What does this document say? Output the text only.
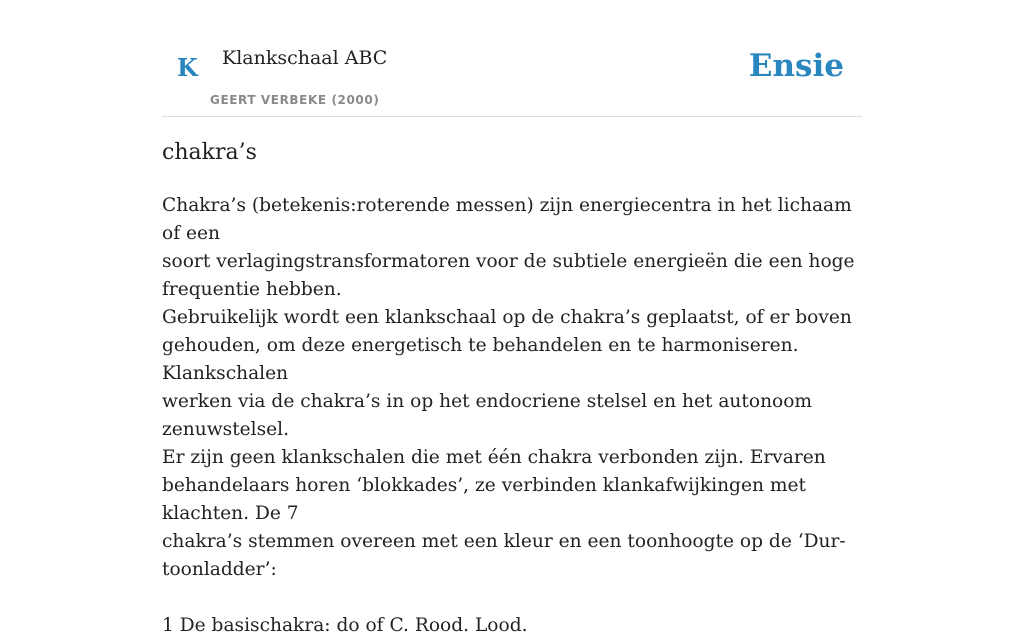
K Klankschaal ABC
GEERT VERBEKE (2000)
Ensie
chakra’s

Chakra’s (betekenis:roterende messen) zijn energiecentra in het lichaam of een

soort verlagingstransformatoren voor de subtiele energieën die een hoge

frequentie hebben.

Gebruikelijk wordt een klankschaal op de chakra’s geplaatst, of er boven

gehouden, om deze energetisch te behandelen en te harmoniseren. Klankschalen

werken via de chakra’s in op het endocriene stelsel en het autonoom zenuwstelsel.

Er zijn geen klankschalen die met één chakra verbonden zijn. Ervaren

behandelaars horen ‘blokkades’, ze verbinden klankafwijkingen met klachten. De 7

chakra’s stemmen overeen met een kleur en een toonhoogte op de ‘Dur-

toonladder’:

1 De basischakra: do of C. Rood. Lood.
